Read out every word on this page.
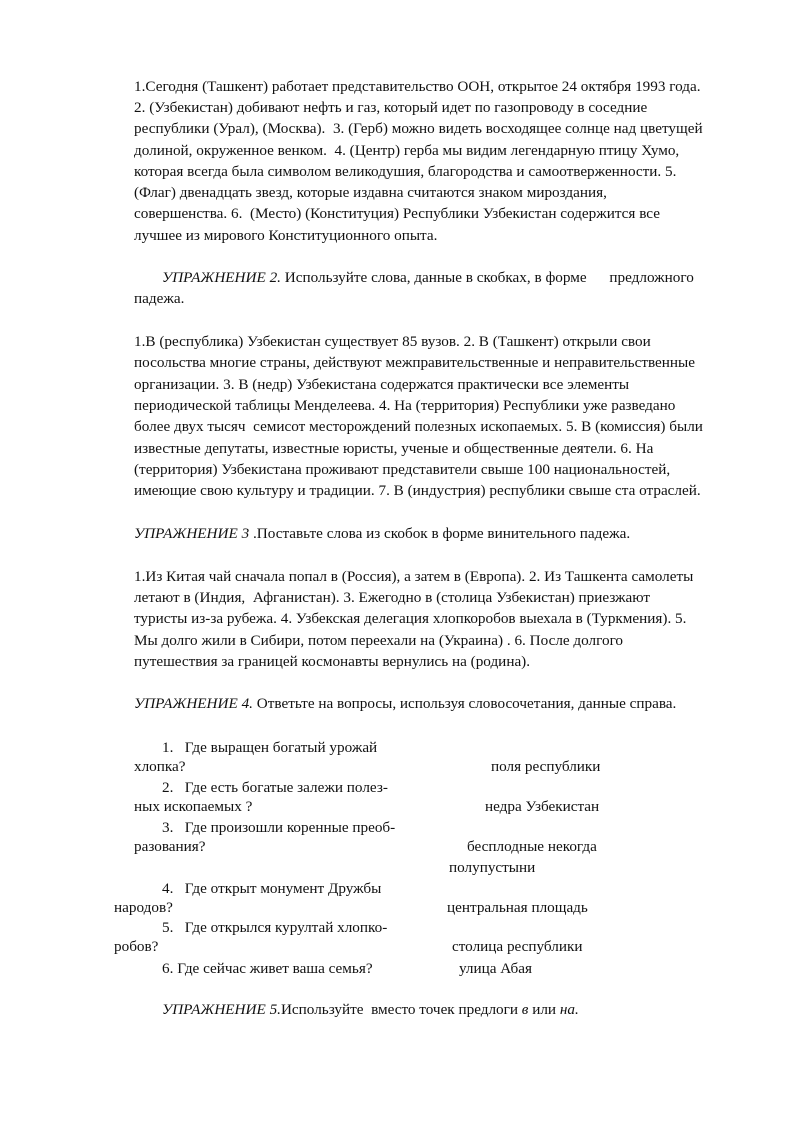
1.Сегодня (Ташкент) работает представительство ООН, открытое 24 октября 1993 года.
2. (Узбекистан) добивают нефть и газ, который идет по газопроводу в соседние
республики (Урал), (Москва).  3. (Герб) можно видеть восходящее солнце над цветущей
долиной, окруженное венком.  4. (Центр) герба мы видим легендарную птицу Хумо,
которая всегда была символом великодушия, благородства и самоотверженности. 5.
(Флаг) двенадцать звезд, которые издавна считаются знаком мироздания,
совершенства. 6.  (Место) (Конституция) Республики Узбекистан содержится все
лучшее из мирового Конституционного опыта.
УПРАЖНЕНИЕ 2. Используйте слова, данные в скобках, в форме      предложного
падежа.
1.В (республика) Узбекистан существует 85 вузов. 2. В (Ташкент) открыли свои
посольства многие страны, действуют межправительственные и неправительственные
организации. 3. В (недр) Узбекистана содержатся практически все элементы
периодической таблицы Менделеева. 4. На (территория) Республики уже разведано
более двух тысяч  семисот месторождений полезных ископаемых. 5. В (комиссия) были
известные депутаты, известные юристы, ученые и общественные деятели. 6. На
(территория) Узбекистана проживают представители свыше 100 национальностей,
имеющие свою культуру и традиции. 7. В (индустрия) республики свыше ста отраслей.
УПРАЖНЕНИЕ 3 .Поставьте слова из скобок в форме винительного падежа.
1.Из Китая чай сначала попал в (Россия), а затем в (Европа). 2. Из Ташкента самолеты
летают в (Индия,  Афганистан). 3. Ежегодно в (столица Узбекистан) приезжают
туристы из-за рубежа. 4. Узбекская делегация хлопкоробов выехала в (Туркмения). 5.
Мы долго жили в Сибири, потом переехали на (Украина) . 6. После долгого
путешествия за границей космонавты вернулись на (родина).
УПРАЖНЕНИЕ 4. Ответьте на вопросы, используя словосочетания, данные справа.
1.   Где выращен богатый урожай
хлопка?	поля республики
2.   Где есть богатые залежи полез-
ных ископаемых ?	недра Узбекистан
3.   Где произошли коренные преоб-
разования?	бесплодные некогда
полупустыни
4.   Где открыт монумент Дружбы
народов?	центральная площадь
5.   Где открылся курултай хлопко-
робов?	столица республики
6. Где сейчас живет ваша семья?	улица Абая
УПРАЖНЕНИЕ 5.Используйте  вместо точек предлоги в или на.
